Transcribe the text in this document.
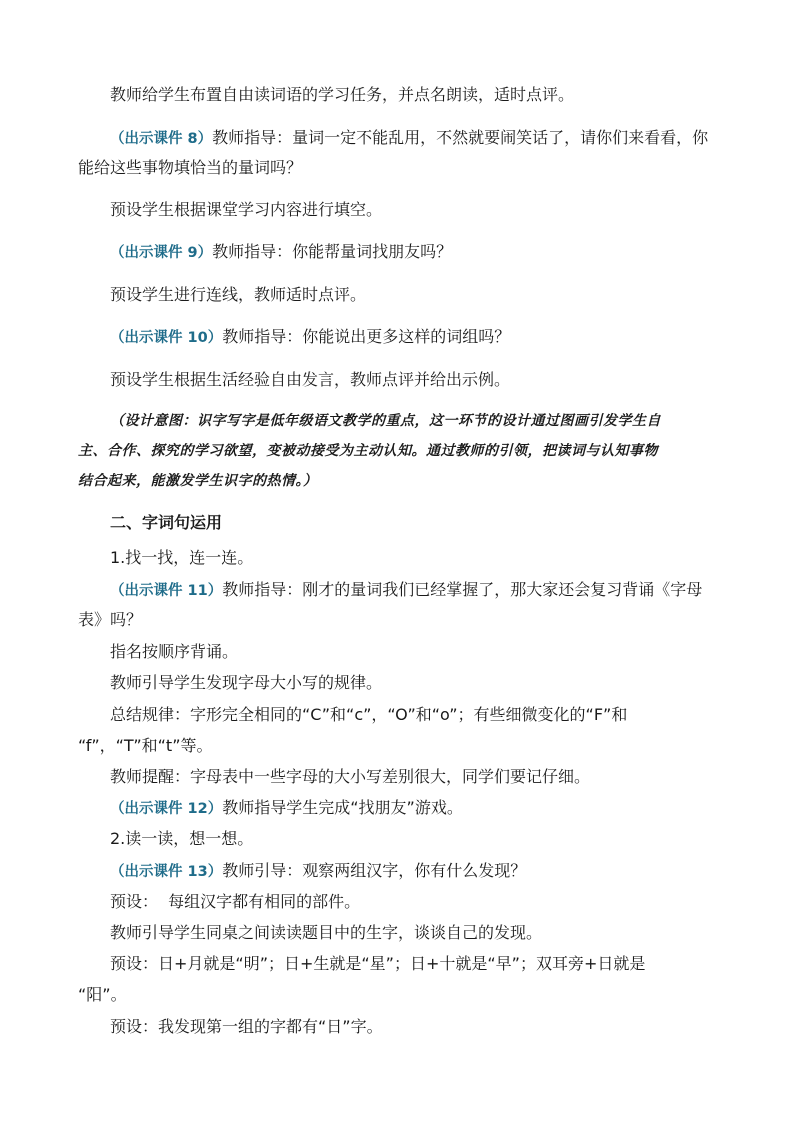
教师给学生布置自由读词语的学习任务，并点名朗读，适时点评。

（出示课件 8）教师指导：量词一定不能乱用，不然就要闹笑话了，请你们来看看，你

能给这些事物填恰当的量词吗？

预设学生根据课堂学习内容进行填空。

（出示课件 9）教师指导：你能帮量词找朋友吗？

预设学生进行连线，教师适时点评。

（出示课件 10）教师指导：你能说出更多这样的词组吗？

预设学生根据生活经验自由发言，教师点评并给出示例。

（设计意图：识字写字是低年级语文教学的重点，这一环节的设计通过图画引发学生自

主、合作、探究的学习欲望，变被动接受为主动认知。通过教师的引领，把读词与认知事物

结合起来，能激发学生识字的热情。）

二、字词句运用

1.找一找，连一连。

（出示课件 11）教师指导：刚才的量词我们已经掌握了，那大家还会复习背诵《字母

表》吗？

指名按顺序背诵。

教师引导学生发现字母大小写的规律。

总结规律：字形完全相同的“C”和“c”，“O”和“o”；有些细微变化的“F”和

“f”，“T”和“t”等。

教师提醒：字母表中一些字母的大小写差别很大，同学们要记仔细。

（出示课件 12）教师指导学生完成“找朋友”游戏。

2.读一读，想一想。

（出示课件 13）教师引导：观察两组汉字，你有什么发现？

预设：  每组汉字都有相同的部件。

教师引导学生同桌之间读读题目中的生字，谈谈自己的发现。

预设：日+月就是“明”；日+生就是“星”；日+十就是“早”；双耳旁+日就是

“阳”。

预设：我发现第一组的字都有“日”字。
